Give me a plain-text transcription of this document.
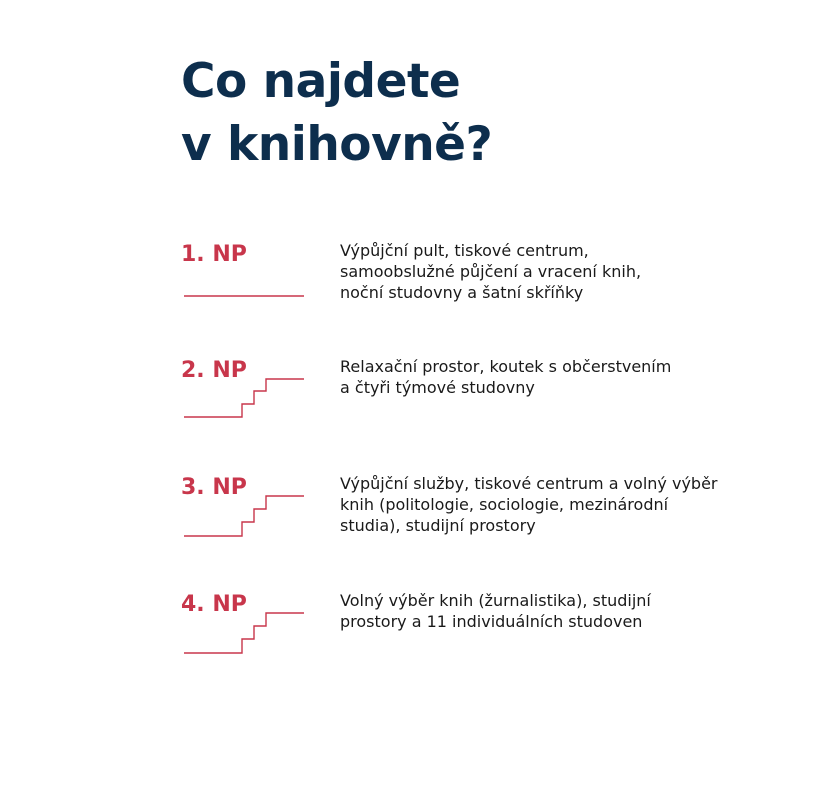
Co najdete
v knihovně?
1. NP	Výpůjční pult, tiskové centrum,
samoobslužné půjčení a vracení knih,
noční studovny a šatní skříňky
2. NP	Relaxační prostor, koutek s občerstvením
a čtyři týmové studovny
3. NP	Výpůjční služby, tiskové centrum a volný výběr
knih (politologie, sociologie, mezinárodní
studia), studijní prostory
4. NP	Volný výběr knih (žurnalistika), studijní
prostory a 11 individuálních studoven
